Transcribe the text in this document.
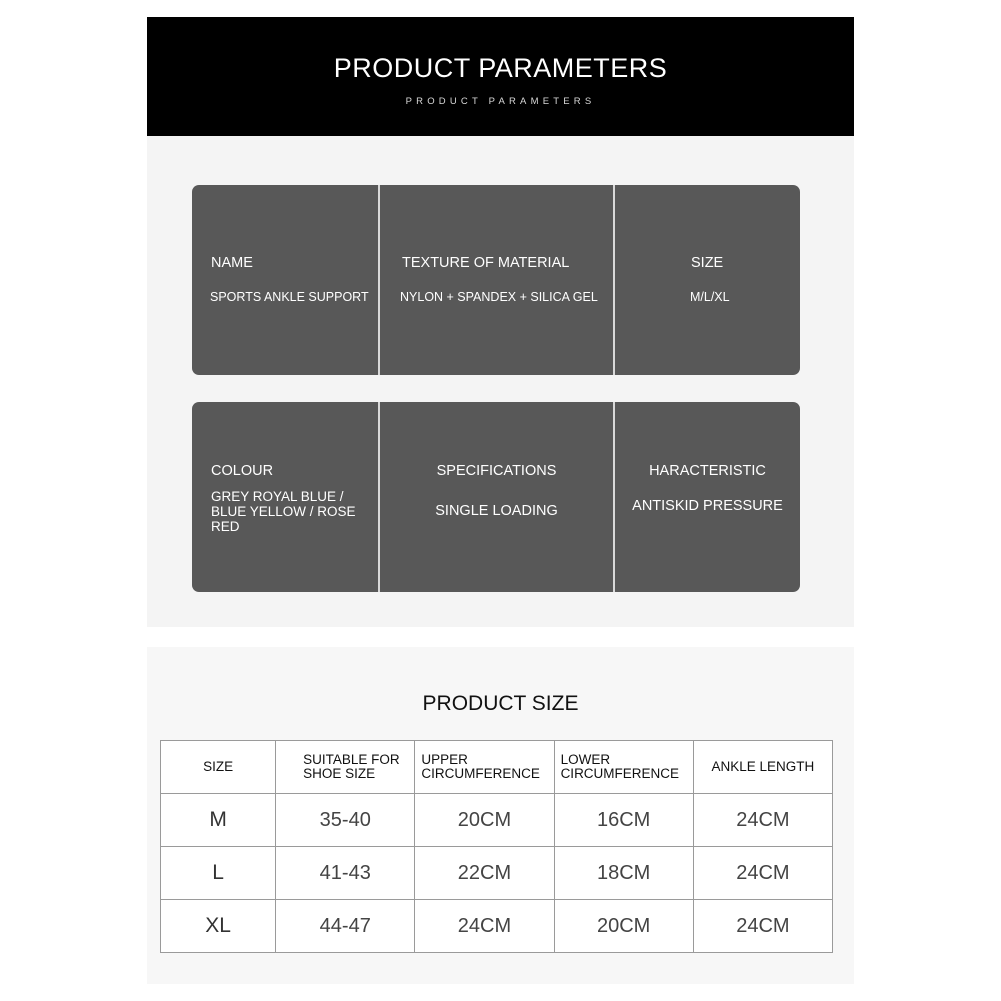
PRODUCT PARAMETERS
PRODUCT PARAMETERS
NAME
SPORTS ANKLE SUPPORT
TEXTURE OF MATERIAL
NYLON + SPANDEX + SILICA GEL
SIZE
M/L/XL
COLOUR
GREY ROYAL BLUE / BLUE YELLOW / ROSE RED
SPECIFICATIONS
SINGLE LOADING
HARACTERISTIC
ANTISKID PRESSURE
PRODUCT SIZE
SIZE	SUITABLE FOR SHOE SIZE	UPPER CIRCUMFERENCE	LOWER CIRCUMFERENCE	ANKLE LENGTH
M	35-40	20CM	16CM	24CM
L	41-43	22CM	18CM	24CM
XL	44-47	24CM	20CM	24CM
